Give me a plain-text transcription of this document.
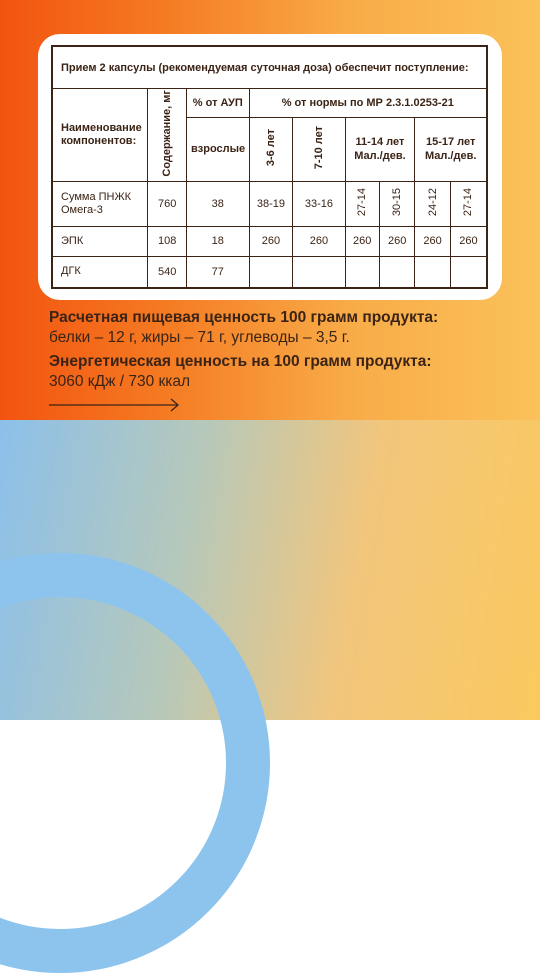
Прием 2 капсулы (рекомендуемая суточная доза) обеспечит поступление:								
Наименование компонентов:	Содержание, мг	% от АУП	% от нормы по МР 2.3.1.0253-21					
		взрослые	3-6 лет	7-10 лет	11-14 лет Мал./дев.		15-17 лет Мал./дев.	

Сумма ПНЖК Омега-3	760	38	38-19	33-16	27-14	30-15	24-12	27-14
ЭПК	108	18	260	260	260	260	260	260
ДГК	540	77						
Расчетная пищевая ценность 100 грамм продукта:
белки – 12 г, жиры – 71 г, углеводы – 3,5 г.
Энергетическая ценность на 100 грамм продукта:
3060 кДж / 730 ккал
